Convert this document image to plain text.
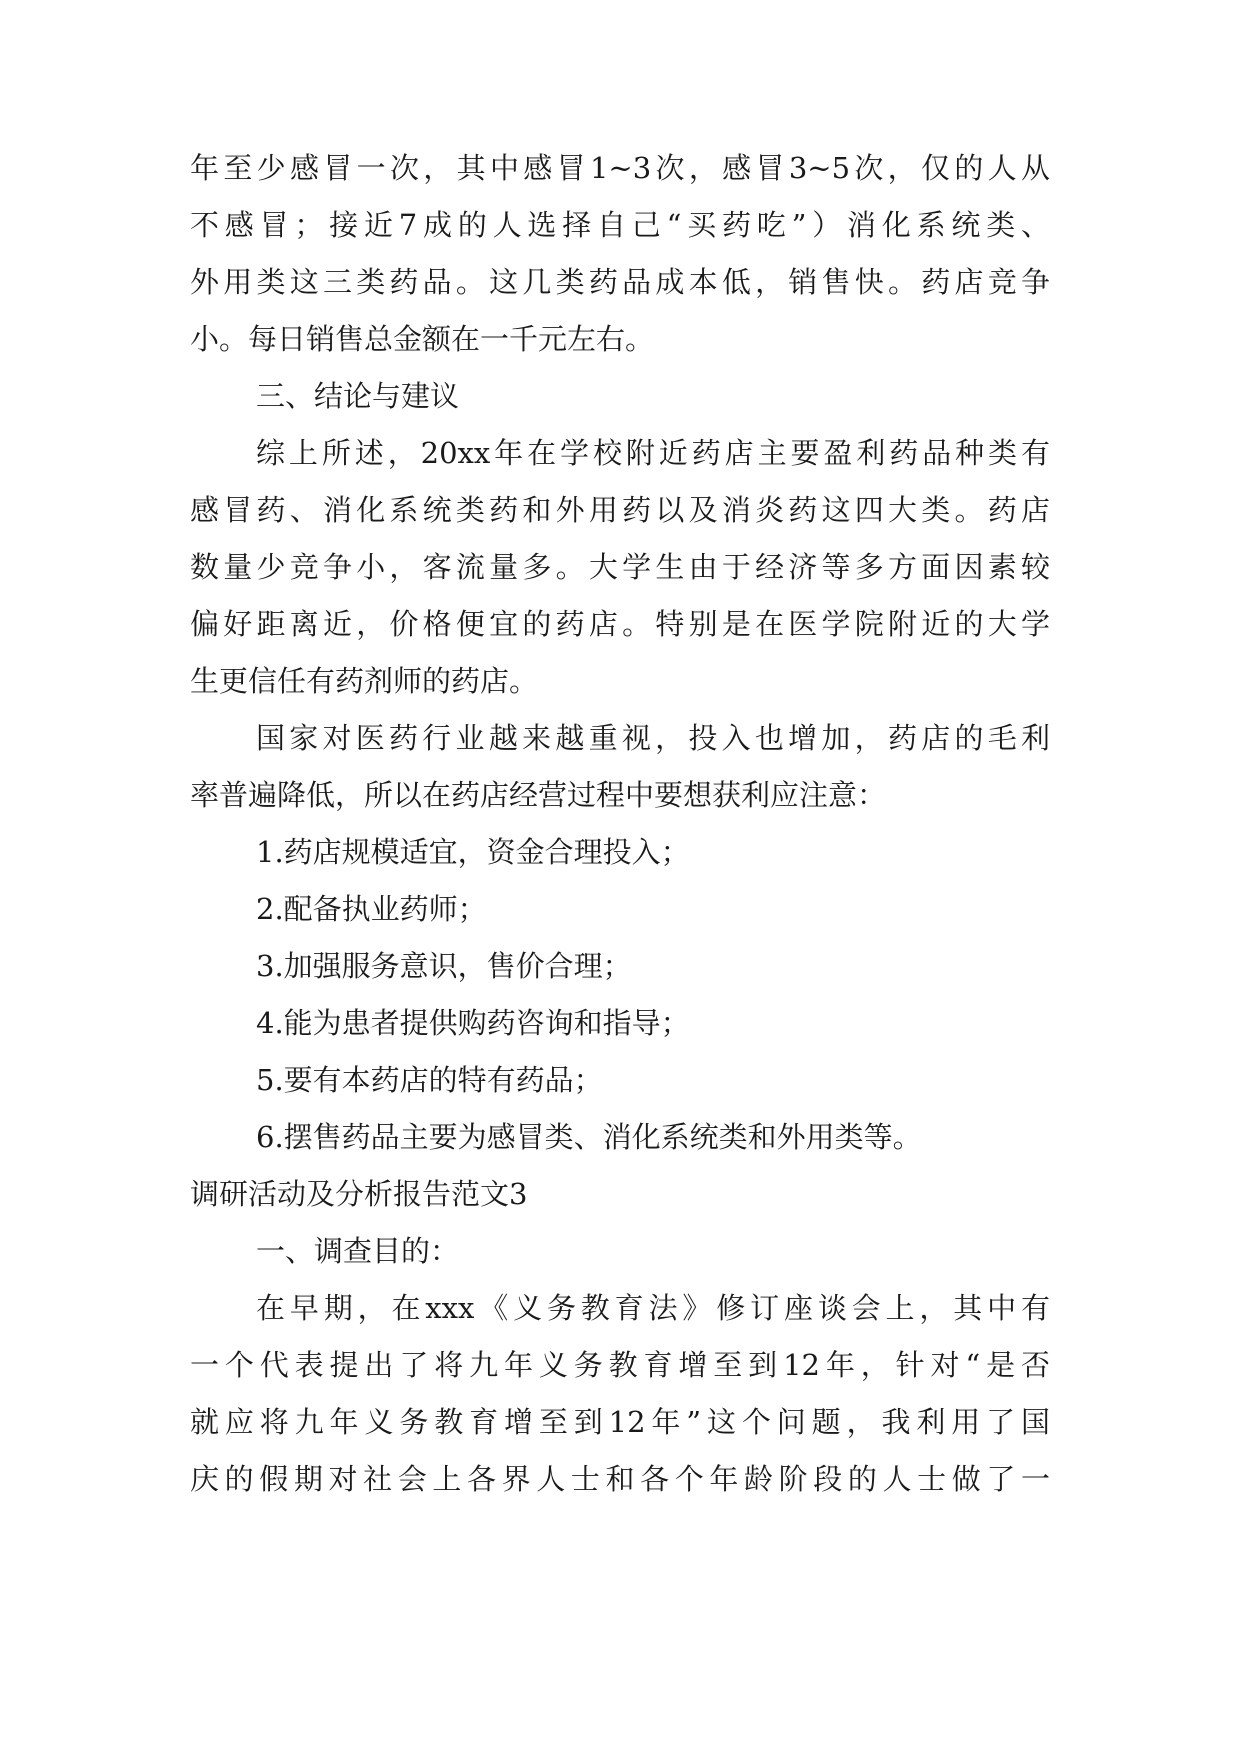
年至少感冒一次，其中感冒1~3次，感冒3~5次，仅的人从
不感冒；接近7成的人选择自己“买药吃”）消化系统类、
外用类这三类药品。这几类药品成本低，销售快。药店竞争
小。每日销售总金额在一千元左右。
三、结论与建议
综上所述，20xx年在学校附近药店主要盈利药品种类有
感冒药、消化系统类药和外用药以及消炎药这四大类。药店
数量少竞争小，客流量多。大学生由于经济等多方面因素较
偏好距离近，价格便宜的药店。特别是在医学院附近的大学
生更信任有药剂师的药店。
国家对医药行业越来越重视，投入也增加，药店的毛利
率普遍降低，所以在药店经营过程中要想获利应注意：
1.药店规模适宜，资金合理投入；
2.配备执业药师；
3.加强服务意识，售价合理；
4.能为患者提供购药咨询和指导；
5.要有本药店的特有药品；
6.摆售药品主要为感冒类、消化系统类和外用类等。
调研活动及分析报告范文3
一、调查目的：
在早期，在xxx《义务教育法》修订座谈会上，其中有
一个代表提出了将九年义务教育增至到12年，针对“是否
就应将九年义务教育增至到12年”这个问题，我利用了国
庆的假期对社会上各界人士和各个年龄阶段的人士做了一
